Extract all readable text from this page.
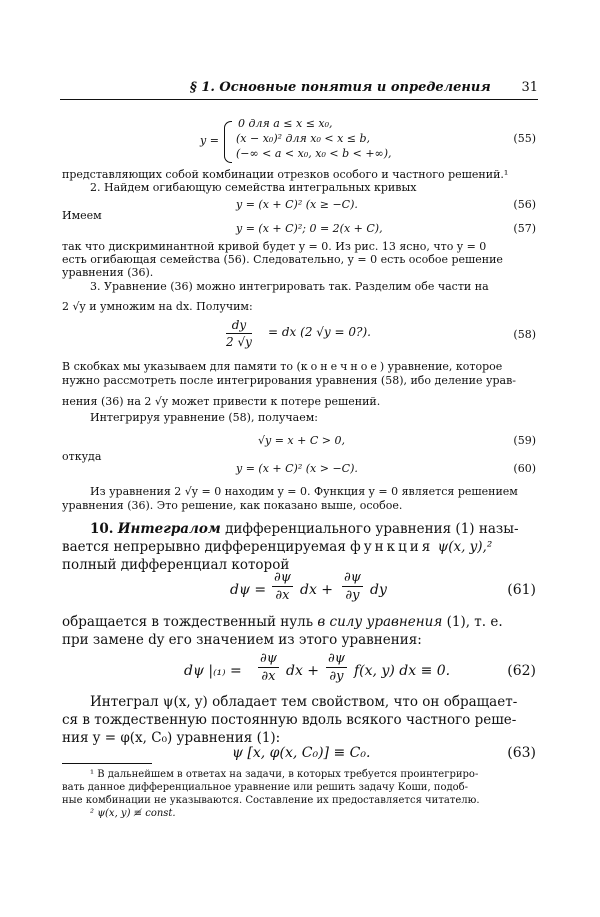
§ 1. Основные понятия и определения 31
y =
0 для a ≤ x ≤ x₀,
(x − x₀)² для x₀ < x ≤ b,
(−∞ < a < x₀, x₀ < b < +∞),
(55)
представляющих собой комбинации отрезков особого и частного решений.¹
2. Найдем огибающую семейства интегральных кривых
y = (x + C)² (x ≥ −C).	(56)
Имеем
y = (x + C)²; 0 = 2(x + C),	(57)
так что дискриминантной кривой будет y = 0. Из рис. 13 ясно, что y = 0
есть огибающая семейства (56). Следовательно, y = 0 есть особое решение
уравнения (36).
3. Уравнение (36) можно интегрировать так. Разделим обе части на
2 √y и умножим на dx. Получим:
$\frac{dy}{2 √y}$ = dx (2 √y = 0?).	(58)
В скобках мы указываем для памяти то (конечное) уравнение, которое
нужно рассмотреть после интегрирования уравнения (58), ибо деление урав-
нения (36) на 2 √y может привести к потере решений.
Интегрируя уравнение (58), получаем:
√y = x + C > 0,	(59)
откуда
y = (x + C)² (x > −C).	(60)
Из уравнения 2 √y = 0 находим y = 0. Функция y = 0 является решением
уравнения (36). Это решение, как показано выше, особое.
10. Интегралом дифференциального уравнения (1) назы-
вается непрерывно дифференцируемая функция ψ(x, y),²
полный дифференциал которой
$d\psi = \frac{\partial\psi}{\partial x}$ dx + $\frac{\partial\psi}{\partial y}$ dy	(61)
обращается в тождественный нуль в силу уравнения (1), т. е.
при замене dy его значением из этого уравнения:
dψ $|_{(1)} = \frac{\partial\psi}{\partial x}$ dx + $\frac{\partial\psi}{\partial y} f(x$, y) dx ≡ 0.	(62)
Интеграл ψ(x, y) обладает тем свойством, что он обращает-
ся в тождественную постоянную вдоль всякого частного реше-
ния y = φ(x, C₀) уравнения (1):
ψ [x, φ(x, C₀)] ≡ C₀.	(63)
¹ В дальнейшем в ответах на задачи, в которых требуется проинтегриро-
вать данное дифференциальное уравнение или решить задачу Коши, подоб-
ные комбинации не указываются. Составление их предоставляется читателю.
² ψ(x, y) ≢ const.
